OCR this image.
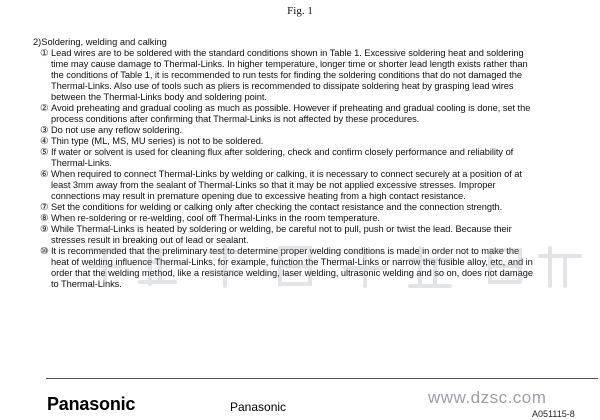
Fig. 1
2)Soldering, welding and calking
① Lead wires are to be soldered with the standard conditions shown in Table 1. Excessive soldering heat and soldering
time may cause damage to Thermal-Links. In higher temperature, longer time or shorter lead length exists rather than
the conditions of Table 1, it is recommended to run tests for finding the soldering conditions that do not damaged the
Thermal-Links. Also use of tools such as pliers is recommended to dissipate soldering heat by grasping lead wires
between the Thermal-Links body and soldering point.
② Avoid preheating and gradual cooling as much as possible. However if preheating and gradual cooling is done, set the
process conditions after confirming that Thermal-Links is not affected by these procedures.
③ Do not use any reflow soldering.
④ Thin type (ML, MS, MU series) is not to be soldered.
⑤ If water or solvent is used for cleaning flux after soldering, check and confirm closely performance and reliability of
Thermal-Links.
⑥ When required to connect Thermal-Links by welding or calking, it is necessary to connect securely at a position of at
least 3mm away from the sealant of Thermal-Links so that it may be not applied excessive stresses. Improper
connections may result in premature opening due to excessive heating from a high contact resistance.
⑦ Set the conditions for welding or calking only after checking the contact resistance and the connection strength.
⑧ When re-soldering or re-welding, cool off Thermal-Links in the room temperature.
⑨ While Thermal-Links is heated by soldering or welding, be careful not to pull, push or twist the lead. Because their
stresses result in breaking out of lead or sealant.
⑩ It is recommended that the preliminary test to determine proper welding conditions is made in order not to make the
heat of welding influence Thermal-Links, for example, function the Thermal-Links or narrow the fusible alloy, etc, and in
order that the welding method, like a resistance welding, laser welding, ultrasonic welding and so on, does not damage
to Thermal-Links.
Panasonic	Panasonic	www.dzsc.com
A051115-8
